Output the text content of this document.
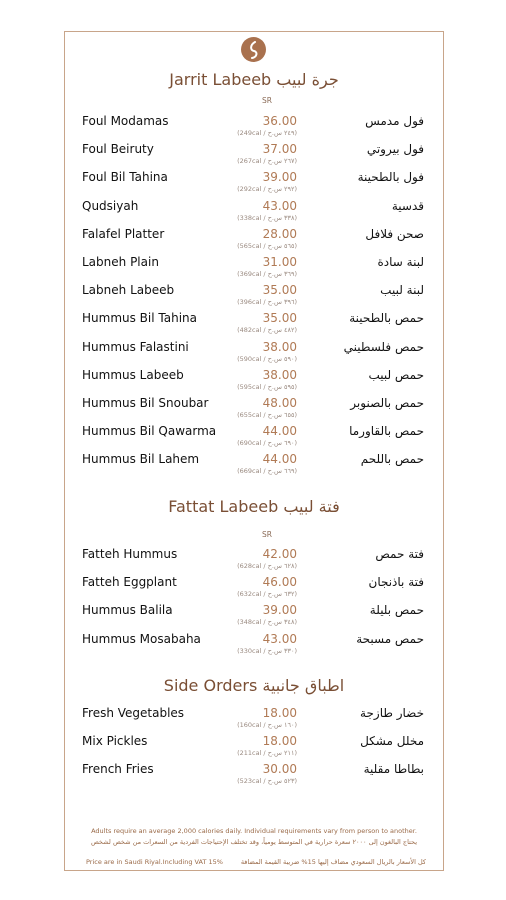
Jarrit Labeeb جرة لبيب
SR
Foul Modamas	36.00
(249cal / ٢٤٩ س.ح)
فول مدمس
Foul Beiruty	37.00
(267cal / ٢٦٧ س.ح)
فول بيروتي
Foul Bil Tahina	39.00
(292cal / ٢٩٢ س.ح)
فول بالطحينة
Qudsiyah	43.00
(338cal / ٣٣٨ س.ح)
قدسية
Falafel Platter	28.00
(565cal / ٥٦٥ س.ح)
صحن فلافل
Labneh Plain	31.00
(369cal / ٣٦٩ س.ح)
لبنة سادة
Labneh Labeeb	35.00
(396cal / ٣٩٦ س.ح)
لبنة لبيب
Hummus Bil Tahina	35.00
(482cal / ٤٨٢ س.ح)
حمص بالطحينة
Hummus Falastini	38.00
(590cal / ٥٩٠ س.ح)
حمص فلسطيني
Hummus Labeeb	38.00
(595cal / ٥٩٥ س.ح)
حمص لبيب
Hummus Bil Snoubar	48.00
(655cal / ٦٥٥ س.ح)
حمص بالصنوبر
Hummus Bil Qawarma	44.00
(690cal / ٦٩٠ س.ح)
حمص بالقاورما
Hummus Bil Lahem	44.00
(669cal / ٦٦٩ س.ح)
حمص باللحم
Fattat Labeeb فتة لبيب
SR
Fatteh Hummus	42.00
(628cal / ٦٢٨ س.ح)
فتة حمص
Fatteh Eggplant	46.00
(632cal / ٦٣٢ س.ح)
فتة باذنجان
Hummus Balila	39.00
(348cal / ٣٤٨ س.ح)
حمص بليلة
Hummus Mosabaha	43.00
(330cal / ٣٣٠ س.ح)
حمص مسبحة
Side Orders اطباق جانبية
Fresh Vegetables	18.00
(160cal / ١٦٠ س.ح)
خضار طازجة
Mix Pickles	18.00
(211cal / ٢١١ س.ح)
مخلل مشكل
French Fries	30.00
(523cal / ٥٢٣ س.ح)
بطاطا مقلية
Adults require an average 2,000 calories daily. Individual requirements vary from person to another.
يحتاج البالغون إلى ٢٠٠٠ سعرة حرارية في المتوسط يومياً، وقد تختلف الإحتياجات الفردية من السعرات من شخص لشخص
Price are in Saudi Riyal.Including VAT 15%	كل الأسعار بالريال السعودي مضاف إليها 15% ضريبة القيمة المضافة
